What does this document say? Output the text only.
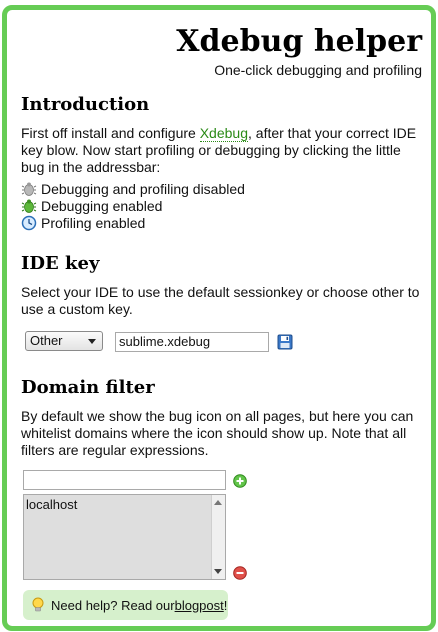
Xdebug helper
One-click debugging and profiling
Introduction

First off install and configure Xdebug, after that your correct IDE key blow. Now start profiling or debugging by clicking the little bug in the addressbar:

Debugging and profiling disabled
Debugging enabled
Profiling enabled
IDE key

Select your IDE to use the default sessionkey or choose other to use a custom key.

Other	sublime.xdebug
Domain filter

By default we show the bug icon on all pages, but here you can whitelist domains where the icon should show up. Note that all filters are regular expressions.

localhost
Need help? Read our blogpost !
